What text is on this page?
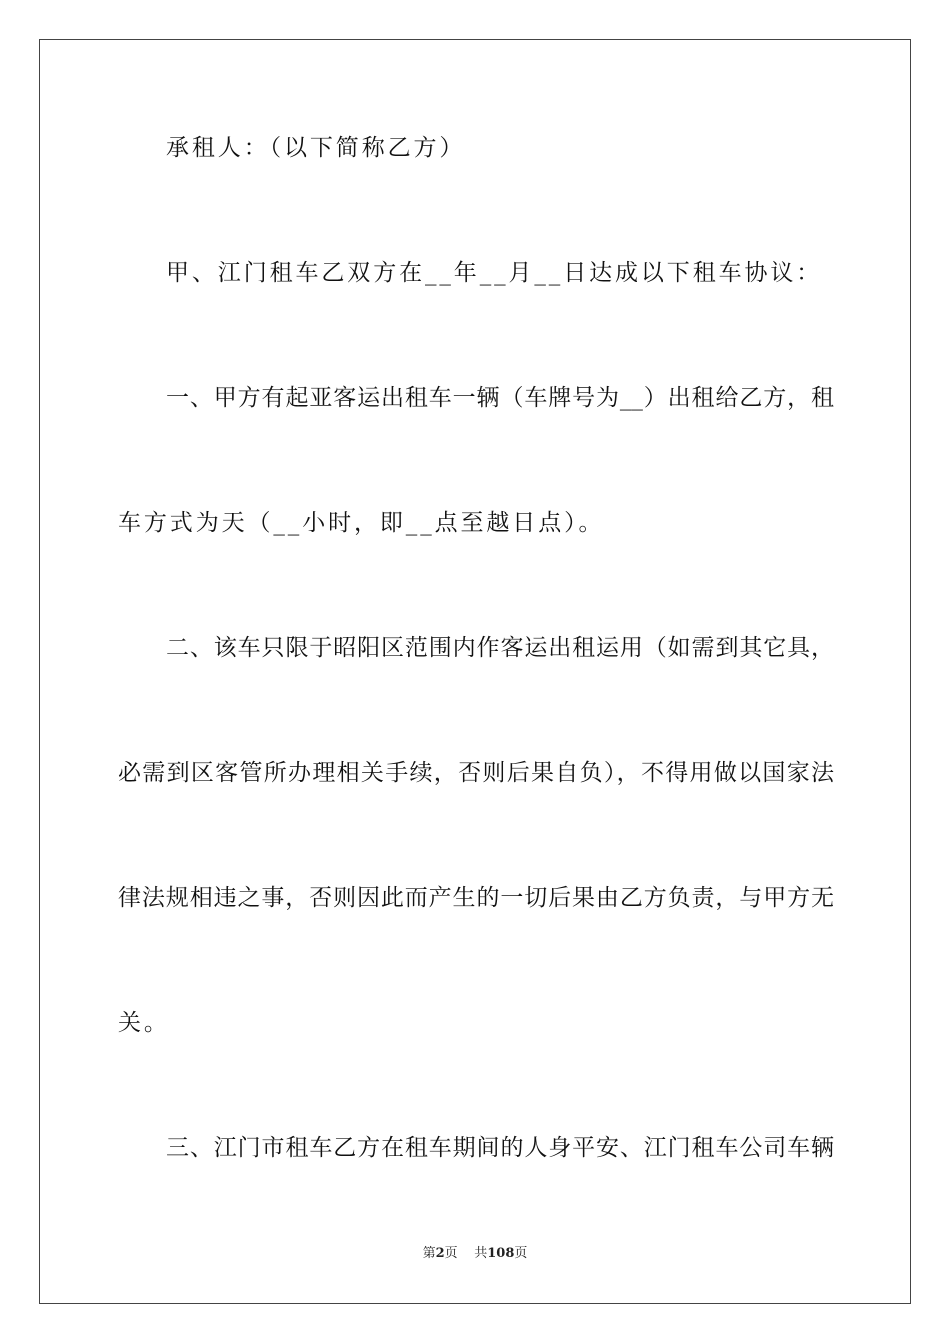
承租人：（以下简称乙方）
甲、江门租车乙双方在__年__月__日达成以下租车协议：
一、甲方有起亚客运出租车一辆（车牌号为__）出租给乙方，租
车方式为天（__小时，即__点至越日点）。
二、该车只限于昭阳区范围内作客运出租运用（如需到其它具，
必需到区客管所办理相关手续，否则后果自负），不得用做以国家法
律法规相违之事，否则因此而产生的一切后果由乙方负责，与甲方无
关。
三、江门市租车乙方在租车期间的人身平安、江门租车公司车辆
第2页 共108页
